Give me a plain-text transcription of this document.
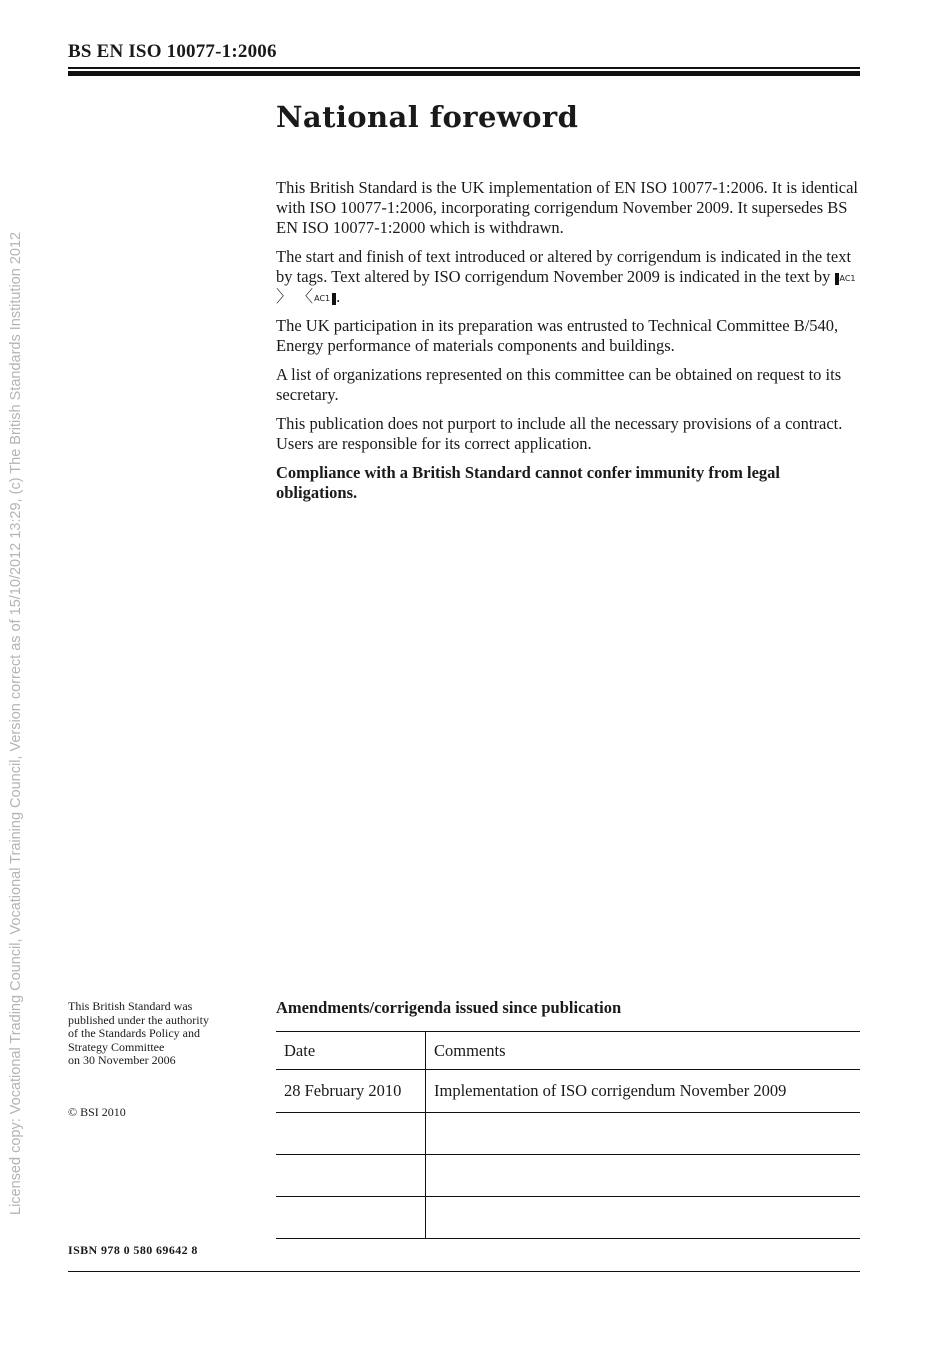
BS EN ISO 10077-1:2006
Licensed copy: Vocational Trading Council, Vocational Training Council, Version correct as of 15/10/2012 13:29, (c) The British Standards Institution 2012
National foreword

This British Standard is the UK implementation of EN ISO 10077-1:2006. It is identical with ISO 10077-1:2006, incorporating corrigendum November 2009. It supersedes BS EN ISO 10077-1:2000 which is withdrawn.

The start and finish of text introduced or altered by corrigendum is indicated in the text by tags. Text altered by ISO corrigendum November 2009 is indicated in the text by AC1〉 〈AC1 .

The UK participation in its preparation was entrusted to Technical Committee B/540, Energy performance of materials components and buildings.

A list of organizations represented on this committee can be obtained on request to its secretary.

This publication does not purport to include all the necessary provisions of a contract. Users are responsible for its correct application.

Compliance with a British Standard cannot confer immunity from legal obligations.

This British Standard was
published under the authority
of the Standards Policy and
Strategy Committee
on 30 November 2006
© BSI 2010
ISBN 978 0 580 69642 8
Amendments/corrigenda issued since publication
Date	Comments
28 February 2010	Implementation of ISO corrigendum November 2009
